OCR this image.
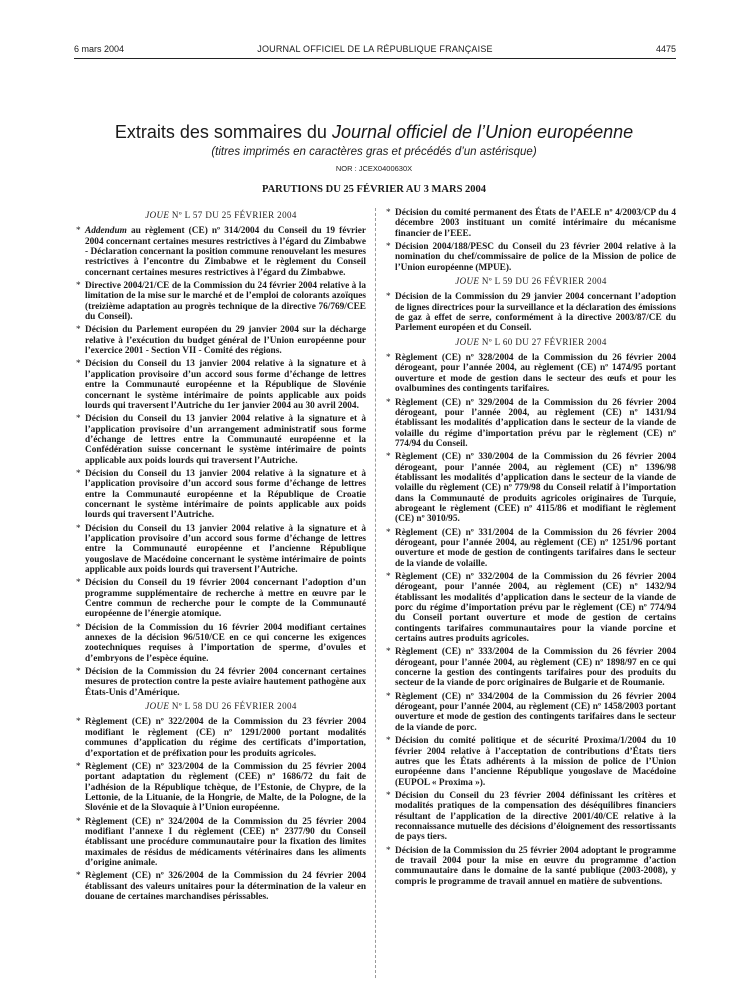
6 mars 2004	JOURNAL OFFICIEL DE LA RÉPUBLIQUE FRANÇAISE	4475
Extraits des sommaires du Journal officiel de l’Union européenne
(titres imprimés en caractères gras et précédés d’un astérisque)
NOR : JCEX0400630X
PARUTIONS DU 25 FÉVRIER AU 3 MARS 2004
JOUE Nº L 57 DU 25 FÉVRIER 2004
* Addendum au règlement (CE) nº 314/2004 du Conseil du 19 février 2004 concernant certaines mesures restrictives à l’égard du Zimbabwe - Déclaration concernant la position commune renouvelant les mesures restrictives à l’encontre du Zimbabwe et le règlement du Conseil concernant certaines mesures restrictives à l’égard du Zimbabwe.
* Directive 2004/21/CE de la Commission du 24 février 2004 relative à la limitation de la mise sur le marché et de l’emploi de colorants azoïques (treizième adaptation au progrès technique de la directive 76/769/CEE du Conseil).
* Décision du Parlement européen du 29 janvier 2004 sur la décharge relative à l’exécution du budget général de l’Union européenne pour l’exercice 2001 - Section VII - Comité des régions.
* Décision du Conseil du 13 janvier 2004 relative à la signature et à l’application provisoire d’un accord sous forme d’échange de lettres entre la Communauté européenne et la République de Slovénie concernant le système intérimaire de points applicable aux poids lourds qui traversent l’Autriche du 1er janvier 2004 au 30 avril 2004.
* Décision du Conseil du 13 janvier 2004 relative à la signature et à l’application provisoire d’un arrangement administratif sous forme d’échange de lettres entre la Communauté européenne et la Confédération suisse concernant le système intérimaire de points applicable aux poids lourds qui traversent l’Autriche.
* Décision du Conseil du 13 janvier 2004 relative à la signature et à l’application provisoire d’un accord sous forme d’échange de lettres entre la Communauté européenne et la République de Croatie concernant le système intérimaire de points applicable aux poids lourds qui traversent l’Autriche.
* Décision du Conseil du 13 janvier 2004 relative à la signature et à l’application provisoire d’un accord sous forme d’échange de lettres entre la Communauté européenne et l’ancienne République yougoslave de Macédoine concernant le système intérimaire de points applicable aux poids lourds qui traversent l’Autriche.
* Décision du Conseil du 19 février 2004 concernant l’adoption d’un programme supplémentaire de recherche à mettre en œuvre par le Centre commun de recherche pour le compte de la Communauté européenne de l’énergie atomique.
* Décision de la Commission du 16 février 2004 modifiant certaines annexes de la décision 96/510/CE en ce qui concerne les exigences zootechniques requises à l’importation de sperme, d’ovules et d’embryons de l’espèce équine.
* Décision de la Commission du 24 février 2004 concernant certaines mesures de protection contre la peste aviaire hautement pathogène aux États-Unis d’Amérique.
JOUE Nº L 58 DU 26 FÉVRIER 2004
* Règlement (CE) nº 322/2004 de la Commission du 23 février 2004 modifiant le règlement (CE) nº 1291/2000 portant modalités communes d’application du régime des certificats d’importation, d’exportation et de préfixation pour les produits agricoles.
* Règlement (CE) nº 323/2004 de la Commission du 25 février 2004 portant adaptation du règlement (CEE) nº 1686/72 du fait de l’adhésion de la République tchèque, de l’Estonie, de Chypre, de la Lettonie, de la Lituanie, de la Hongrie, de Malte, de la Pologne, de la Slovénie et de la Slovaquie à l’Union européenne.
* Règlement (CE) nº 324/2004 de la Commission du 25 février 2004 modifiant l’annexe I du règlement (CEE) nº 2377/90 du Conseil établissant une procédure communautaire pour la fixation des limites maximales de résidus de médicaments vétérinaires dans les aliments d’origine animale.
* Règlement (CE) nº 326/2004 de la Commission du 24 février 2004 établissant des valeurs unitaires pour la détermination de la valeur en douane de certaines marchandises périssables.
* Décision du comité permanent des États de l’AELE nº 4/2003/CP du 4 décembre 2003 instituant un comité intérimaire du mécanisme financier de l’EEE.
* Décision 2004/188/PESC du Conseil du 23 février 2004 relative à la nomination du chef/commissaire de police de la Mission de police de l’Union européenne (MPUE).
JOUE Nº L 59 DU 26 FÉVRIER 2004
* Décision de la Commission du 29 janvier 2004 concernant l’adoption de lignes directrices pour la surveillance et la déclaration des émissions de gaz à effet de serre, conformément à la directive 2003/87/CE du Parlement européen et du Conseil.
JOUE Nº L 60 DU 27 FÉVRIER 2004
* Règlement (CE) nº 328/2004 de la Commission du 26 février 2004 dérogeant, pour l’année 2004, au règlement (CE) nº 1474/95 portant ouverture et mode de gestion dans le secteur des œufs et pour les ovalbumines des contingents tarifaires.
* Règlement (CE) nº 329/2004 de la Commission du 26 février 2004 dérogeant, pour l’année 2004, au règlement (CE) nº 1431/94 établissant les modalités d’application dans le secteur de la viande de volaille du régime d’importation prévu par le règlement (CE) nº 774/94 du Conseil.
* Règlement (CE) nº 330/2004 de la Commission du 26 février 2004 dérogeant, pour l’année 2004, au règlement (CE) nº 1396/98 établissant les modalités d’application dans le secteur de la viande de volaille du règlement (CE) nº 779/98 du Conseil relatif à l’importation dans la Communauté de produits agricoles originaires de Turquie, abrogeant le règlement (CEE) nº 4115/86 et modifiant le règlement (CE) nº 3010/95.
* Règlement (CE) nº 331/2004 de la Commission du 26 février 2004 dérogeant, pour l’année 2004, au règlement (CE) nº 1251/96 portant ouverture et mode de gestion de contingents tarifaires dans le secteur de la viande de volaille.
* Règlement (CE) nº 332/2004 de la Commission du 26 février 2004 dérogeant, pour l’année 2004, au règlement (CE) nº 1432/94 établissant les modalités d’application dans le secteur de la viande de porc du régime d’importation prévu par le règlement (CE) nº 774/94 du Conseil portant ouverture et mode de gestion de certains contingents tarifaires communautaires pour la viande porcine et certains autres produits agricoles.
* Règlement (CE) nº 333/2004 de la Commission du 26 février 2004 dérogeant, pour l’année 2004, au règlement (CE) nº 1898/97 en ce qui concerne la gestion des contingents tarifaires pour des produits du secteur de la viande de porc originaires de Bulgarie et de Roumanie.
* Règlement (CE) nº 334/2004 de la Commission du 26 février 2004 dérogeant, pour l’année 2004, au règlement (CE) nº 1458/2003 portant ouverture et mode de gestion des contingents tarifaires dans le secteur de la viande de porc.
* Décision du comité politique et de sécurité Proxima/1/2004 du 10 février 2004 relative à l’acceptation de contributions d’États tiers autres que les États adhérents à la mission de police de l’Union européenne dans l’ancienne République yougoslave de Macédoine (EUPOL « Proxima »).
* Décision du Conseil du 23 février 2004 définissant les critères et modalités pratiques de la compensation des déséquilibres financiers résultant de l’application de la directive 2001/40/CE relative à la reconnaissance mutuelle des décisions d’éloignement des ressortissants de pays tiers.
* Décision de la Commission du 25 février 2004 adoptant le programme de travail 2004 pour la mise en œuvre du programme d’action communautaire dans le domaine de la santé publique (2003-2008), y compris le programme de travail annuel en matière de subventions.
